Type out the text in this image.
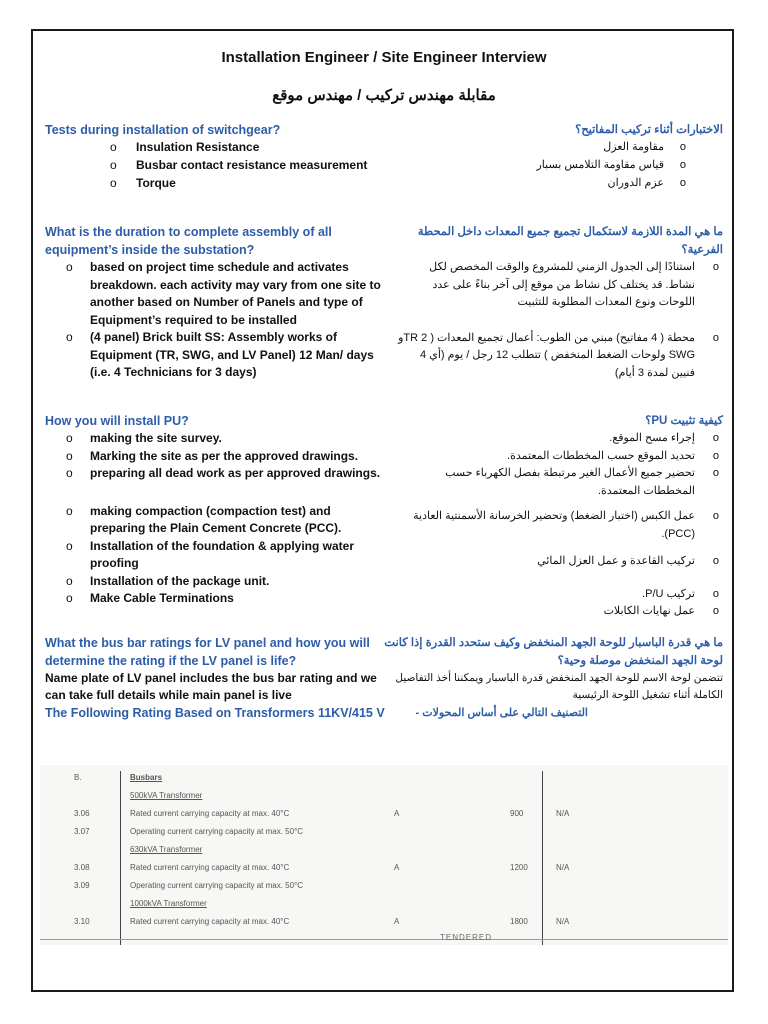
Installation Engineer / Site Engineer Interview
مقابلة مهندس تركيب / مهندس موقع
Tests during installation of switchgear?	الاختبارات أثناء تركيب المفاتيح؟
o Insulation Resistance
o Busbar contact resistance measurement
o Torque
o مقاومة العزل
o قياس مقاومة التلامس بسبار
o عزم الدوران
What is the duration to complete assembly of all equipment’s inside the substation?
ما هي المدة اللازمة لاستكمال تجميع جميع المعدات داخل المحطة الفرعية؟
o based on project time schedule and activates breakdown. each activity may vary from one site to another based on Number of Panels and type of Equipment’s required to be installed
o (4 panel) Brick built SS: Assembly works of Equipment (TR, SWG, and LV Panel) 12 Man/ days (i.e. 4 Technicians for 3 days)
o استنادًا إلى الجدول الزمني للمشروع والوقت المخصص لكل نشاط. قد يختلف كل نشاط من موقع إلى آخر بناءً على عدد اللوحات ونوع المعدات المطلوبة للتثبيت
o محطة ( 4 مفاتيح) مبني من الطوب: أعمال تجميع المعدات ( 2 TRو SWG ولوحات الضغط المنخفض ) تتطلب 12 رجل / يوم (أي 4 فنيين لمدة 3 أيام)
How you will install PU?	كيفية تثبيت PU؟
o making the site survey.
o Marking the site as per the approved drawings.
o preparing all dead work as per approved drawings.
o making compaction (compaction test) and preparing the Plain Cement Concrete (PCC).
o Installation of the foundation & applying water proofing
o Installation of the package unit.
o Make Cable Terminations
o إجراء مسح الموقع.
o تحديد الموقع حسب المخططات المعتمدة.
o تحضير جميع الأعمال الغير مرتبطة بفصل الكهرباء حسب المخططات المعتمدة.
o عمل الكبس (اختبار الضغط) وتحضير الخرسانة الأسمنتية العادية (PCC).
o تركيب القاعدة و عمل العزل المائي
o تركيب P/U.
o عمل نهايات الكابلات
What the bus bar ratings for LV panel and how you will determine the rating if the LV panel is life?
ما هي قدرة الباسبار للوحة الجهد المنخفض وكيف ستحدد القدرة إذا كانت لوحة الجهد المنخفض موصلة وحية؟
Name plate of LV panel includes the bus bar rating and we can take full details while main panel is live
تتضمن لوحة الاسم للوحة الجهد المنخفض قدرة الباسبار ويمكننا أخذ التفاصيل الكاملة أثناء تشغيل اللوحة الرئيسية
The Following Rating Based on Transformers 11KV/415 V	التصنيف التالي على أساس المحولات -
B.	Busbars
500kVA Transformer
3.06	Rated current carrying capacity at max. 40°C	A	900	N/A
3.07	Operating current carrying capacity at max. 50°C
630kVA Transformer
3.08	Rated current carrying capacity at max. 40°C	A	1200	N/A
3.09	Operating current carrying capacity at max. 50°C
1000kVA Transformer
3.10	Rated current carrying capacity at max. 40°C	A	1800	N/A
TENDERED
